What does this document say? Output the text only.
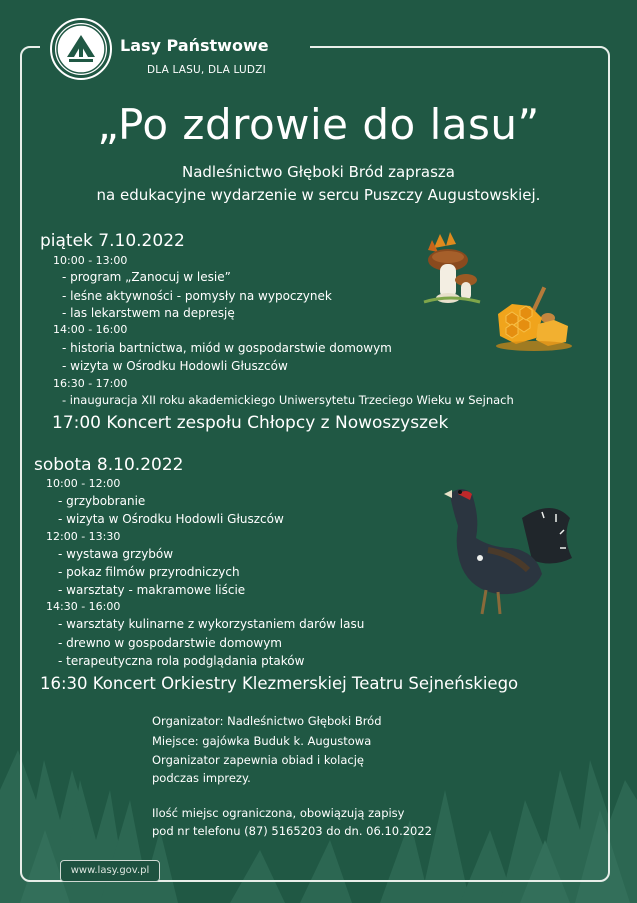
Lasy Państwowe
DLA LASU, DLA LUDZI
„Po zdrowie do lasu”
Nadleśnictwo Głęboki Bród zaprasza
na edukacyjne wydarzenie w sercu Puszczy Augustowskiej.
piątek 7.10.2022
10:00 - 13:00
- program „Zanocuj w lesie”
- leśne aktywności - pomysły na wypoczynek
- las lekarstwem na depresję
14:00 - 16:00
- historia bartnictwa, miód w gospodarstwie domowym
- wizyta w Ośrodku Hodowli Głuszców
16:30 - 17:00
- inauguracja XII roku akademickiego Uniwersytetu Trzeciego Wieku w Sejnach
17:00 Koncert zespołu Chłopcy z Nowoszyszek
sobota 8.10.2022
10:00 - 12:00
- grzybobranie
- wizyta w Ośrodku Hodowli Głuszców
12:00 - 13:30
- wystawa grzybów
- pokaz filmów przyrodniczych
- warsztaty - makramowe liście
14:30 - 16:00
- warsztaty kulinarne z wykorzystaniem darów lasu
- drewno w gospodarstwie domowym
- terapeutyczna rola podglądania ptaków
16:30 Koncert Orkiestry Klezmerskiej Teatru Sejneńskiego
Organizator: Nadleśnictwo Głęboki Bród
Miejsce: gajówka Buduk k. Augustowa
Organizator zapewnia obiad i kolację
podczas imprezy.
Ilość miejsc ograniczona, obowiązują zapisy
pod nr telefonu (87) 5165203 do dn. 06.10.2022
www.lasy.gov.pl
